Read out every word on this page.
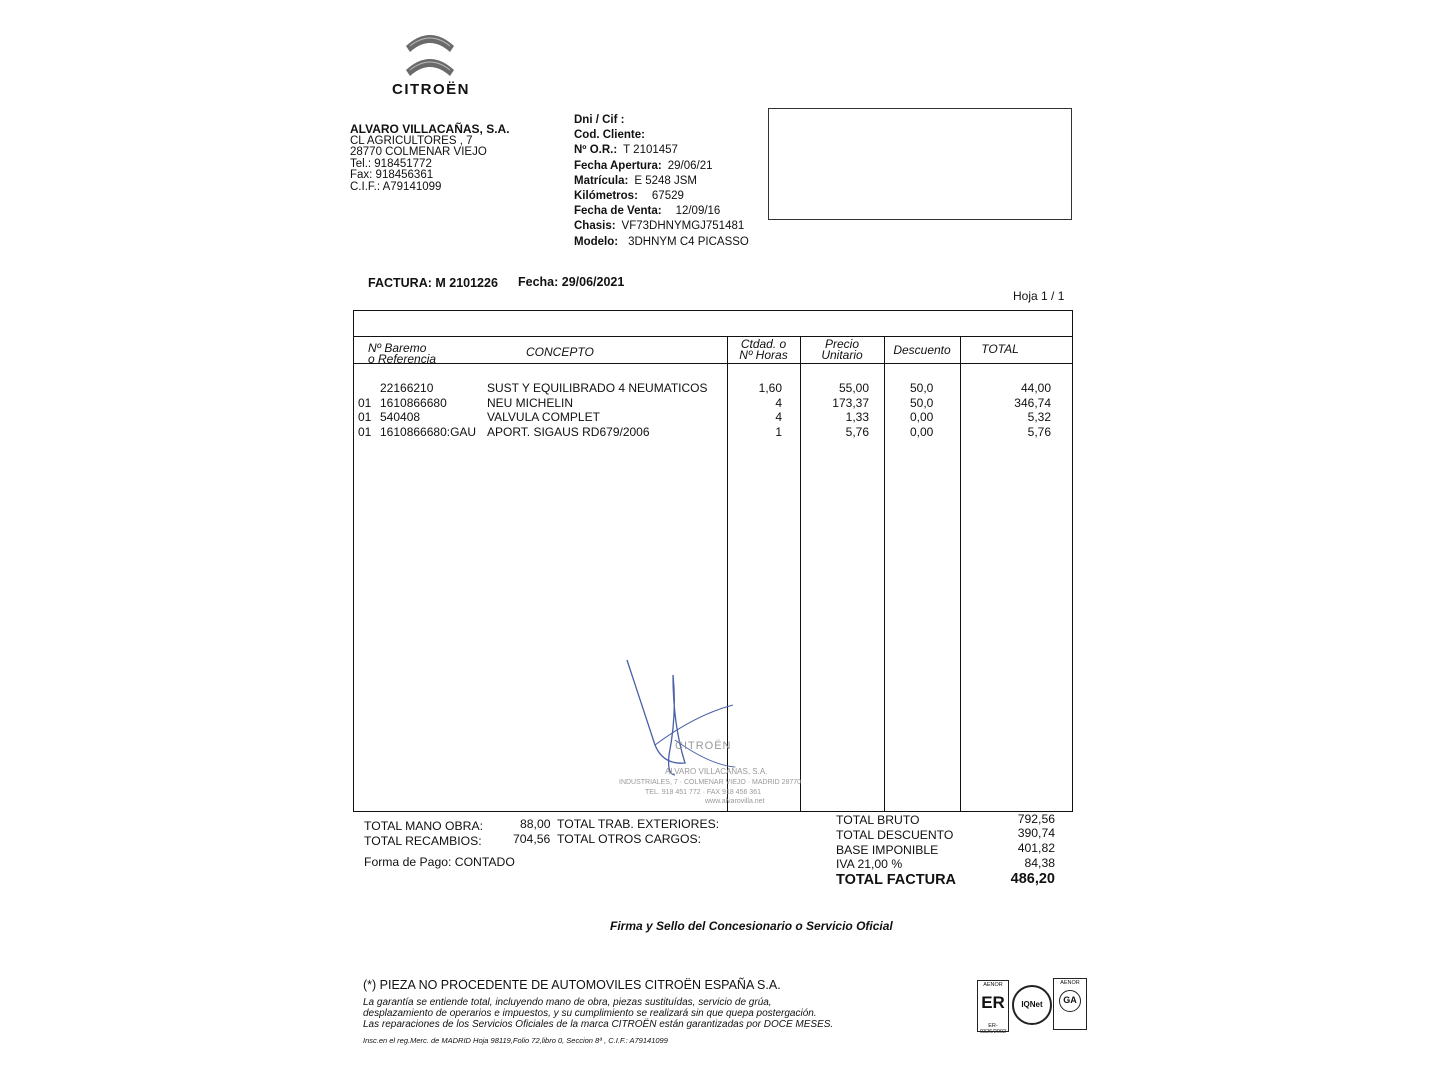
CITROËN
ALVARO VILLACAÑAS, S.A.
CL AGRICULTORES , 7
28770 COLMENAR VIEJO
Tel.: 918451772
Fax: 918456361
C.I.F.: A79141099
Dni / Cif :
Cod. Cliente:
Nº O.R.: T 2101457
Fecha Apertura: 29/06/21
Matrícula: E 5248 JSM
Kilómetros: 67529
Fecha de Venta: 12/09/16
Chasis: VF73DHNYMGJ751481
Modelo: 3DHNYM C4 PICASSO
FACTURA: M 2101226 Fecha: 29/06/2021
Hoja 1 / 1
Nº Baremo
o Referencia	CONCEPTO
Ctdad. o
Nº Horas
Precio
Unitario	Descuento	TOTAL
22166210	SUST Y EQUILIBRADO 4 NEUMATICOS	1,60	55,00	50,0	44,00
01 1610866680	NEU MICHELIN	4	173,37	50,0	346,74
01 540408	VALVULA COMPLET	4	1,33	0,00	5,32
01 1610866680:GAU APORT. SIGAUS RD679/2006	1	5,76	0,00	5,76
CITROËN
ALVARO VILLACAÑAS, S.A.
INDUSTRIALES, 7 · COLMENAR VIEJO · MADRID 28770
TEL. 918 451 772 · FAX 918 456 361
www.alvarovilla.net
TOTAL MANO OBRA:	88,00 TOTAL TRAB. EXTERIORES:
TOTAL RECAMBIOS:	704,56 TOTAL OTROS CARGOS:
Forma de Pago: CONTADO
TOTAL BRUTO	792,56
TOTAL DESCUENTO	390,74
BASE IMPONIBLE	401,82
IVA 21,00 %	84,38
TOTAL FACTURA	486,20
Firma y Sello del Concesionario o Servicio Oficial
(*) PIEZA NO PROCEDENTE DE AUTOMOVILES CITROËN ESPAÑA S.A.
La garantía se entiende total, incluyendo mano de obra, piezas sustituídas, servicio de grúa,
desplazamiento de operarios e impuestos, y su cumplimiento se realizará sin que quepa postergación.
Las reparaciones de los Servicios Oficiales de la marca CITROËN están garantizadas por DOCE MESES.
Insc.en el reg.Merc. de MADRID Hoja 98119,Folio 72,libro 0, Seccion 8ª , C.I.F.: A79141099
AENOR
ER
ER-0326/2002
IQNet
AENOR
GA
